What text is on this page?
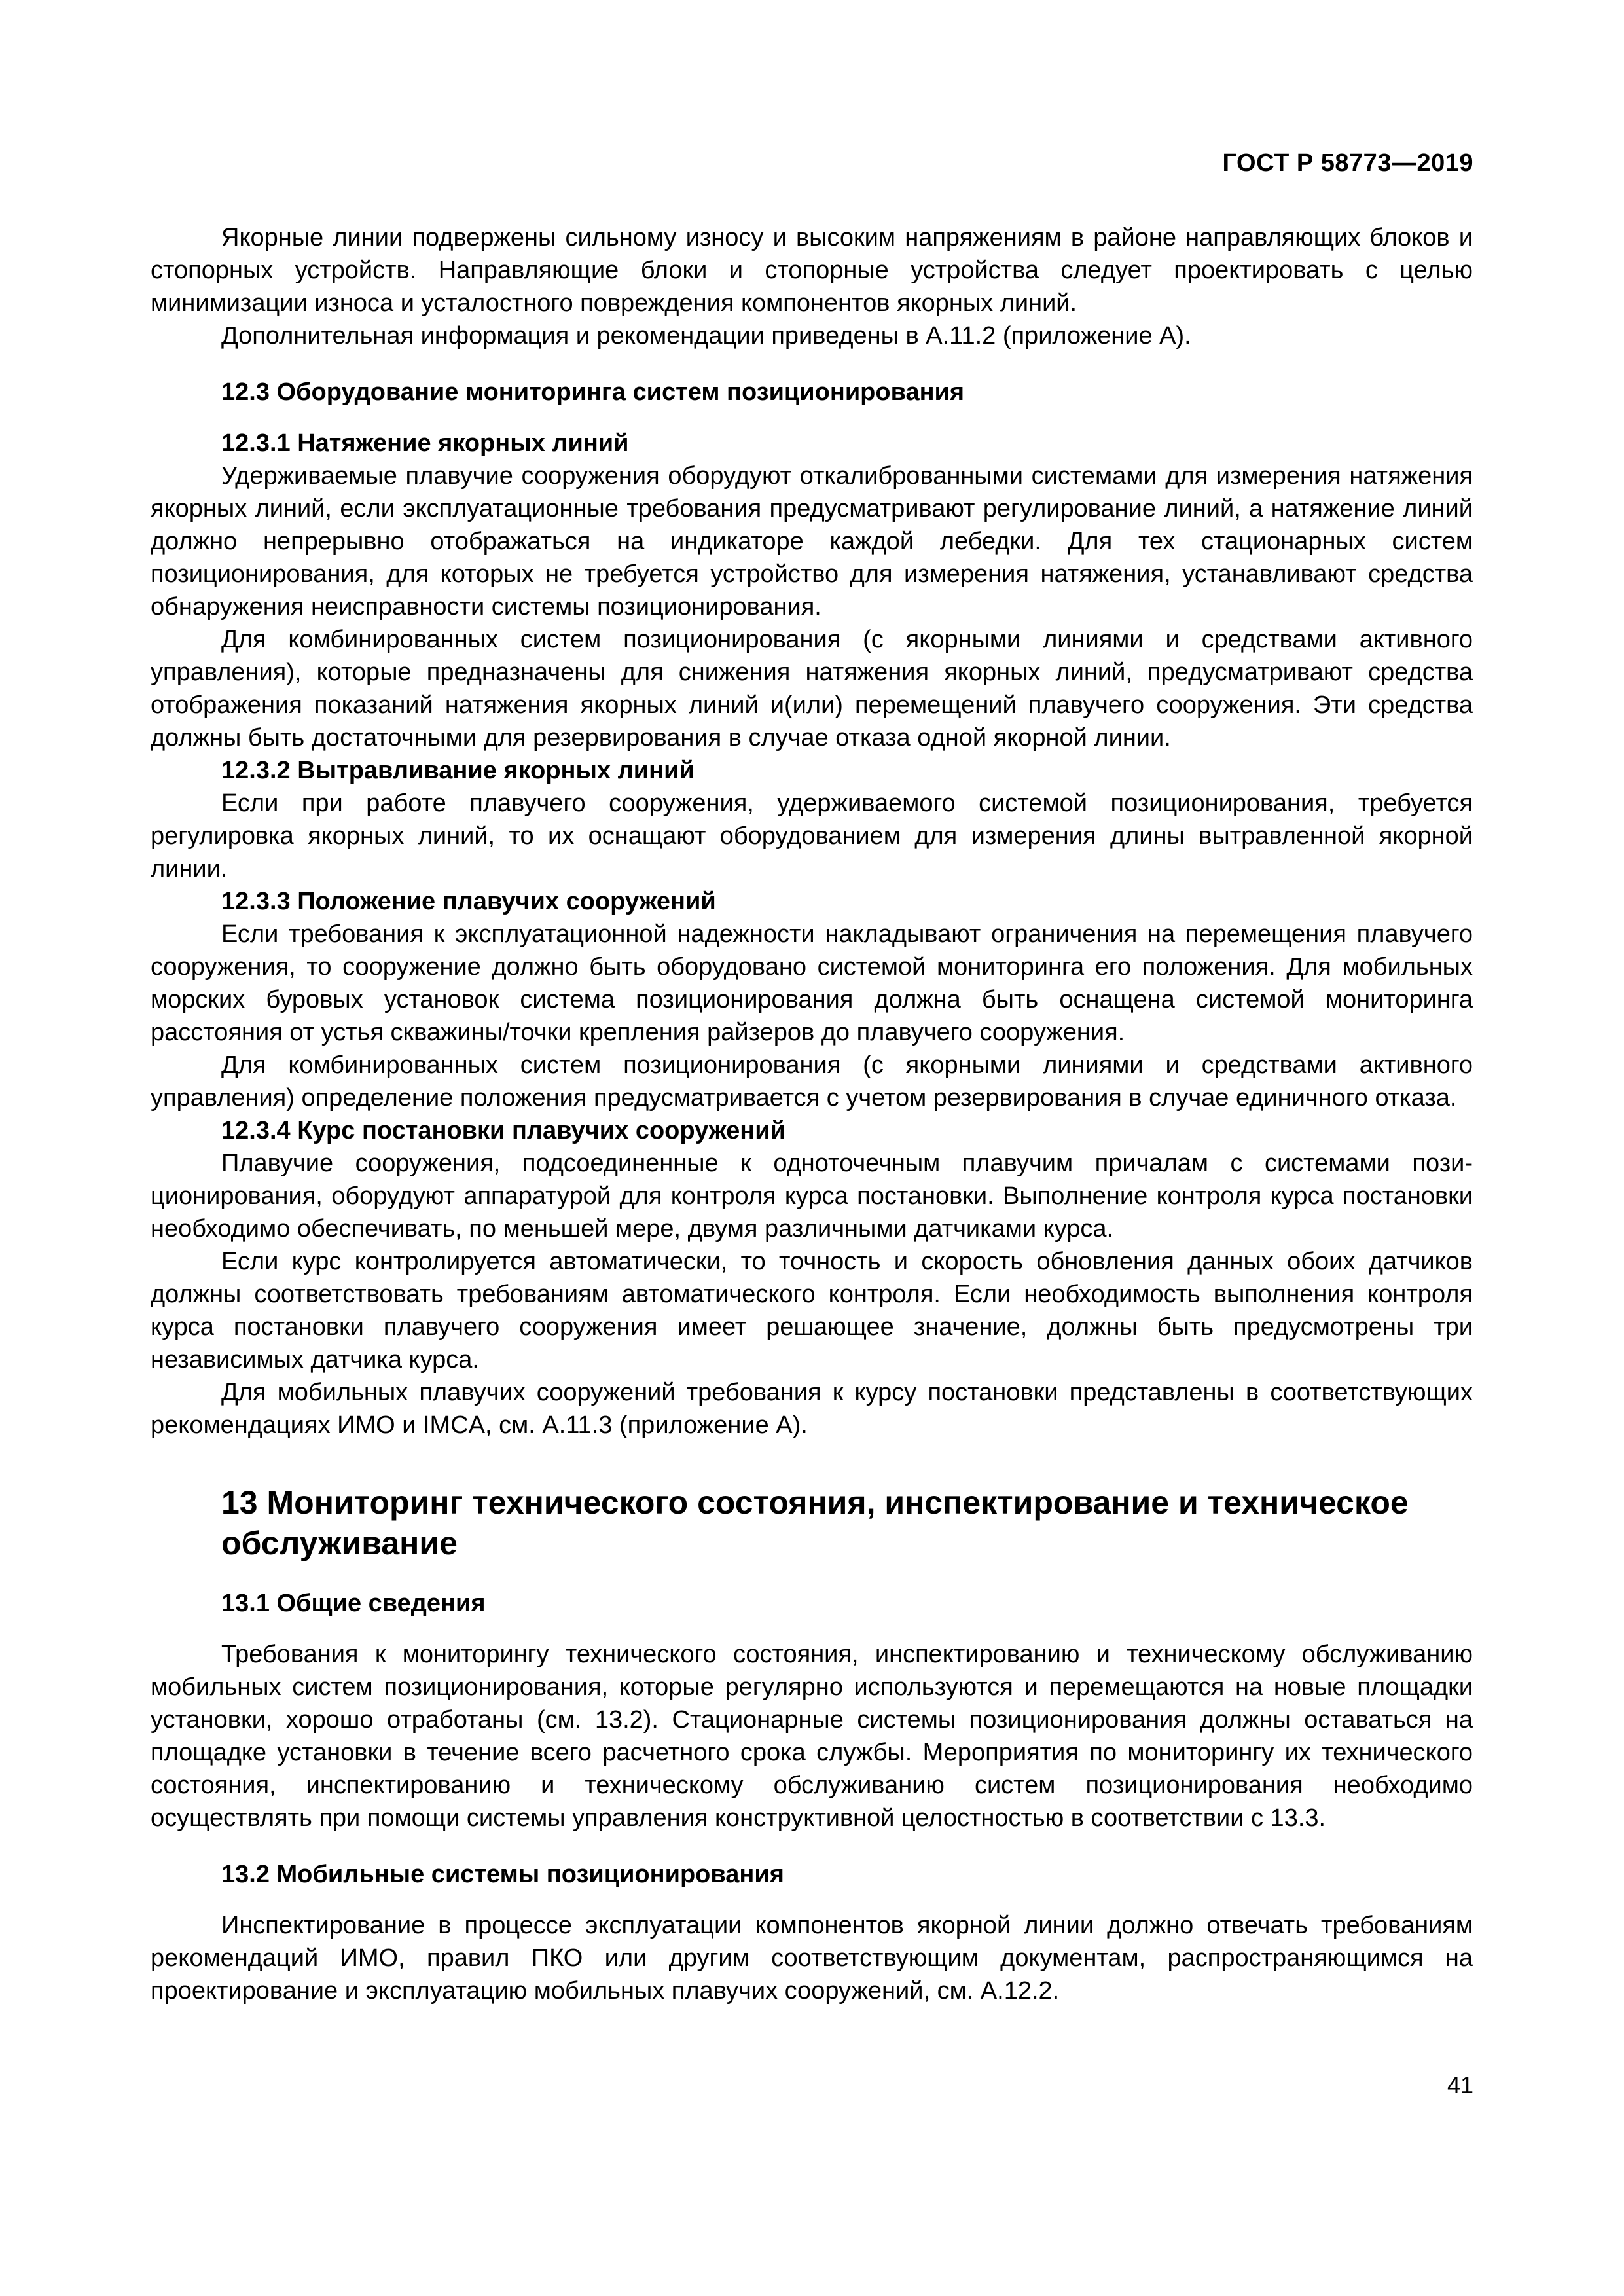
ГОСТ Р 58773—2019

Якорные линии подвержены сильному износу и высоким напряжениям в районе направляющих блоков и стопорных устройств. Направляющие блоки и стопорные устройства следует проектировать с целью минимизации износа и усталостного повреждения компонентов якорных линий.

Дополнительная информация и рекомендации приведены в А.11.2 (приложение А).

12.3 Оборудование мониторинга систем позиционирования
12.3.1 Натяжение якорных линий

Удерживаемые плавучие сооружения оборудуют откалиброванными системами для измерения натяжения якорных линий, если эксплуатационные требования предусматривают регулирование линий, а натяжение линий должно непрерывно отображаться на индикаторе каждой лебедки. Для тех стационарных систем позиционирования, для которых не требуется устройство для измерения натяжения, устанавливают средства обнаружения неисправности системы позиционирования.

Для комбинированных систем позиционирования (с якорными линиями и средствами активного управления), которые предназначены для снижения натяжения якорных линий, предусматривают средства отображения показаний натяжения якорных линий и(или) перемещений плавучего сооружения. Эти средства должны быть достаточными для резервирования в случае отказа одной якорной линии.

12.3.2 Вытравливание якорных линий

Если при работе плавучего сооружения, удерживаемого системой позиционирования, требуется регулировка якорных линий, то их оснащают оборудованием для измерения длины вытравленной якорной линии.

12.3.3 Положение плавучих сооружений

Если требования к эксплуатационной надежности накладывают ограничения на перемещения плавучего сооружения, то сооружение должно быть оборудовано системой мониторинга его положения. Для мобильных морских буровых установок система позиционирования должна быть оснащена системой мониторинга расстояния от устья скважины/точки крепления райзеров до плавучего сооружения.

Для комбинированных систем позиционирования (с якорными линиями и средствами активного управления) определение положения предусматривается с учетом резервирования в случае единичного отказа.

12.3.4 Курс постановки плавучих сооружений

Плавучие сооружения, подсоединенные к одноточечным плавучим причалам с системами позиционирования, оборудуют аппаратурой для контроля курса постановки. Выполнение контроля курса постановки необходимо обеспечивать, по меньшей мере, двумя различными датчиками курса.

Если курс контролируется автоматически, то точность и скорость обновления данных обоих датчиков должны соответствовать требованиям автоматического контроля. Если необходимость выполнения контроля курса постановки плавучего сооружения имеет решающее значение, должны быть предусмотрены три независимых датчика курса.

Для мобильных плавучих сооружений требования к курсу постановки представлены в соответствующих рекомендациях ИМО и IMCA, см. А.11.3 (приложение А).

13 Мониторинг технического состояния, инспектирование и техническое обслуживание
13.1 Общие сведения

Требования к мониторингу технического состояния, инспектированию и техническому обслуживанию мобильных систем позиционирования, которые регулярно используются и перемещаются на новые площадки установки, хорошо отработаны (см. 13.2). Стационарные системы позиционирования должны оставаться на площадке установки в течение всего расчетного срока службы. Мероприятия по мониторингу их технического состояния, инспектированию и техническому обслуживанию систем позиционирования необходимо осуществлять при помощи системы управления конструктивной целостностью в соответствии с 13.3.

13.2 Мобильные системы позиционирования

Инспектирование в процессе эксплуатации компонентов якорной линии должно отвечать требованиям рекомендаций ИМО, правил ПКО или другим соответствующим документам, распространяющимся на проектирование и эксплуатацию мобильных плавучих сооружений, см. А.12.2.

41
